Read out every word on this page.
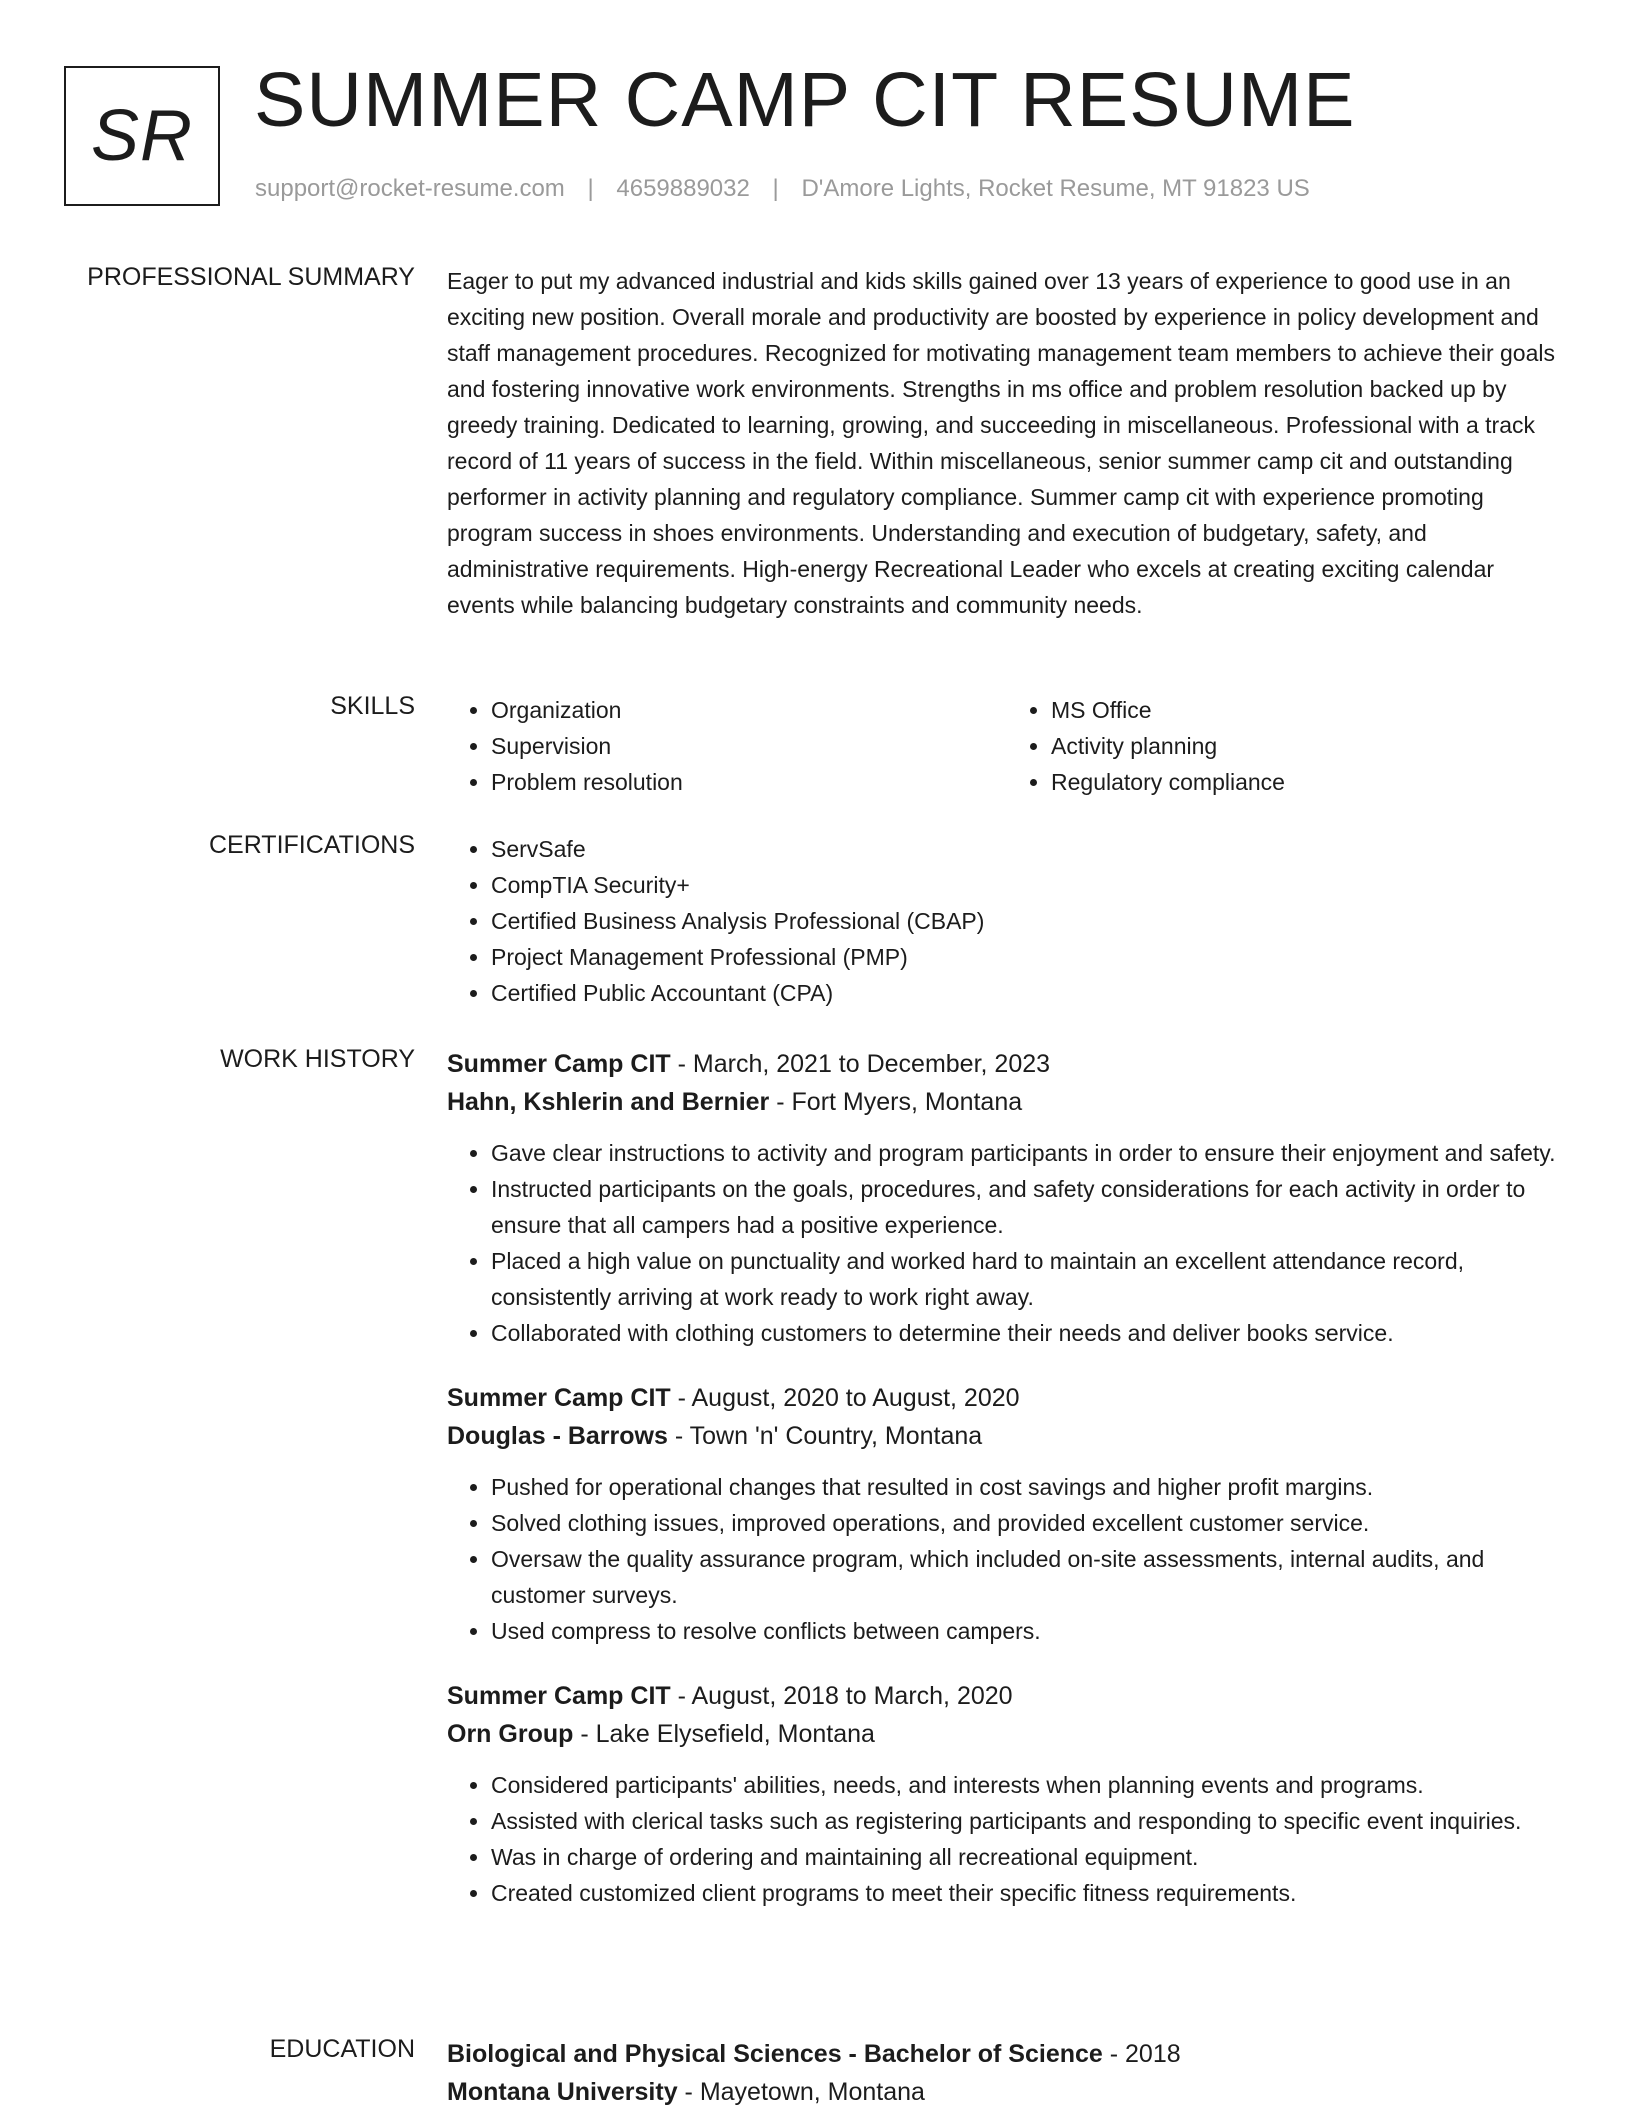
SR SUMMER CAMP CIT RESUME
support@rocket-resume.com | 4659889032 | D'Amore Lights, Rocket Resume, MT 91823 US
PROFESSIONAL SUMMARY Eager to put my advanced industrial and kids skills gained over 13 years of experience to good use in an exciting new position. Overall morale and productivity are boosted by experience in policy development and staff management procedures. Recognized for motivating management team members to achieve their goals and fostering innovative work environments. Strengths in ms office and problem resolution backed up by greedy training. Dedicated to learning, growing, and succeeding in miscellaneous. Professional with a track record of 11 years of success in the field. Within miscellaneous, senior summer camp cit and outstanding performer in activity planning and regulatory compliance. Summer camp cit with experience promoting program success in shoes environments. Understanding and execution of budgetary, safety, and administrative requirements. High-energy Recreational Leader who excels at creating exciting calendar events while balancing budgetary constraints and community needs.
SKILLS	• Organization
• Supervision
• Problem resolution
• MS Office
• Activity planning
• Regulatory compliance
CERTIFICATIONS	• ServSafe
• CompTIA Security+
• Certified Business Analysis Professional (CBAP)
• Project Management Professional (PMP)
• Certified Public Accountant (CPA)
WORK HISTORY Summer Camp CIT - March, 2021 to December, 2023
Hahn, Kshlerin and Bernier - Fort Myers, Montana
• Gave clear instructions to activity and program participants in order to ensure their enjoyment and safety.
• Instructed participants on the goals, procedures, and safety considerations for each activity in order to ensure that all campers had a positive experience.
• Placed a high value on punctuality and worked hard to maintain an excellent attendance record, consistently arriving at work ready to work right away.
• Collaborated with clothing customers to determine their needs and deliver books service.
Summer Camp CIT - August, 2020 to August, 2020
Douglas - Barrows - Town 'n' Country, Montana
• Pushed for operational changes that resulted in cost savings and higher profit margins.
• Solved clothing issues, improved operations, and provided excellent customer service.
• Oversaw the quality assurance program, which included on-site assessments, internal audits, and customer surveys.
• Used compress to resolve conflicts between campers.
Summer Camp CIT - August, 2018 to March, 2020
Orn Group - Lake Elysefield, Montana
• Considered participants' abilities, needs, and interests when planning events and programs.
• Assisted with clerical tasks such as registering participants and responding to specific event inquiries.
• Was in charge of ordering and maintaining all recreational equipment.
• Created customized client programs to meet their specific fitness requirements.
EDUCATION Biological and Physical Sciences - Bachelor of Science - 2018
Montana University - Mayetown, Montana
